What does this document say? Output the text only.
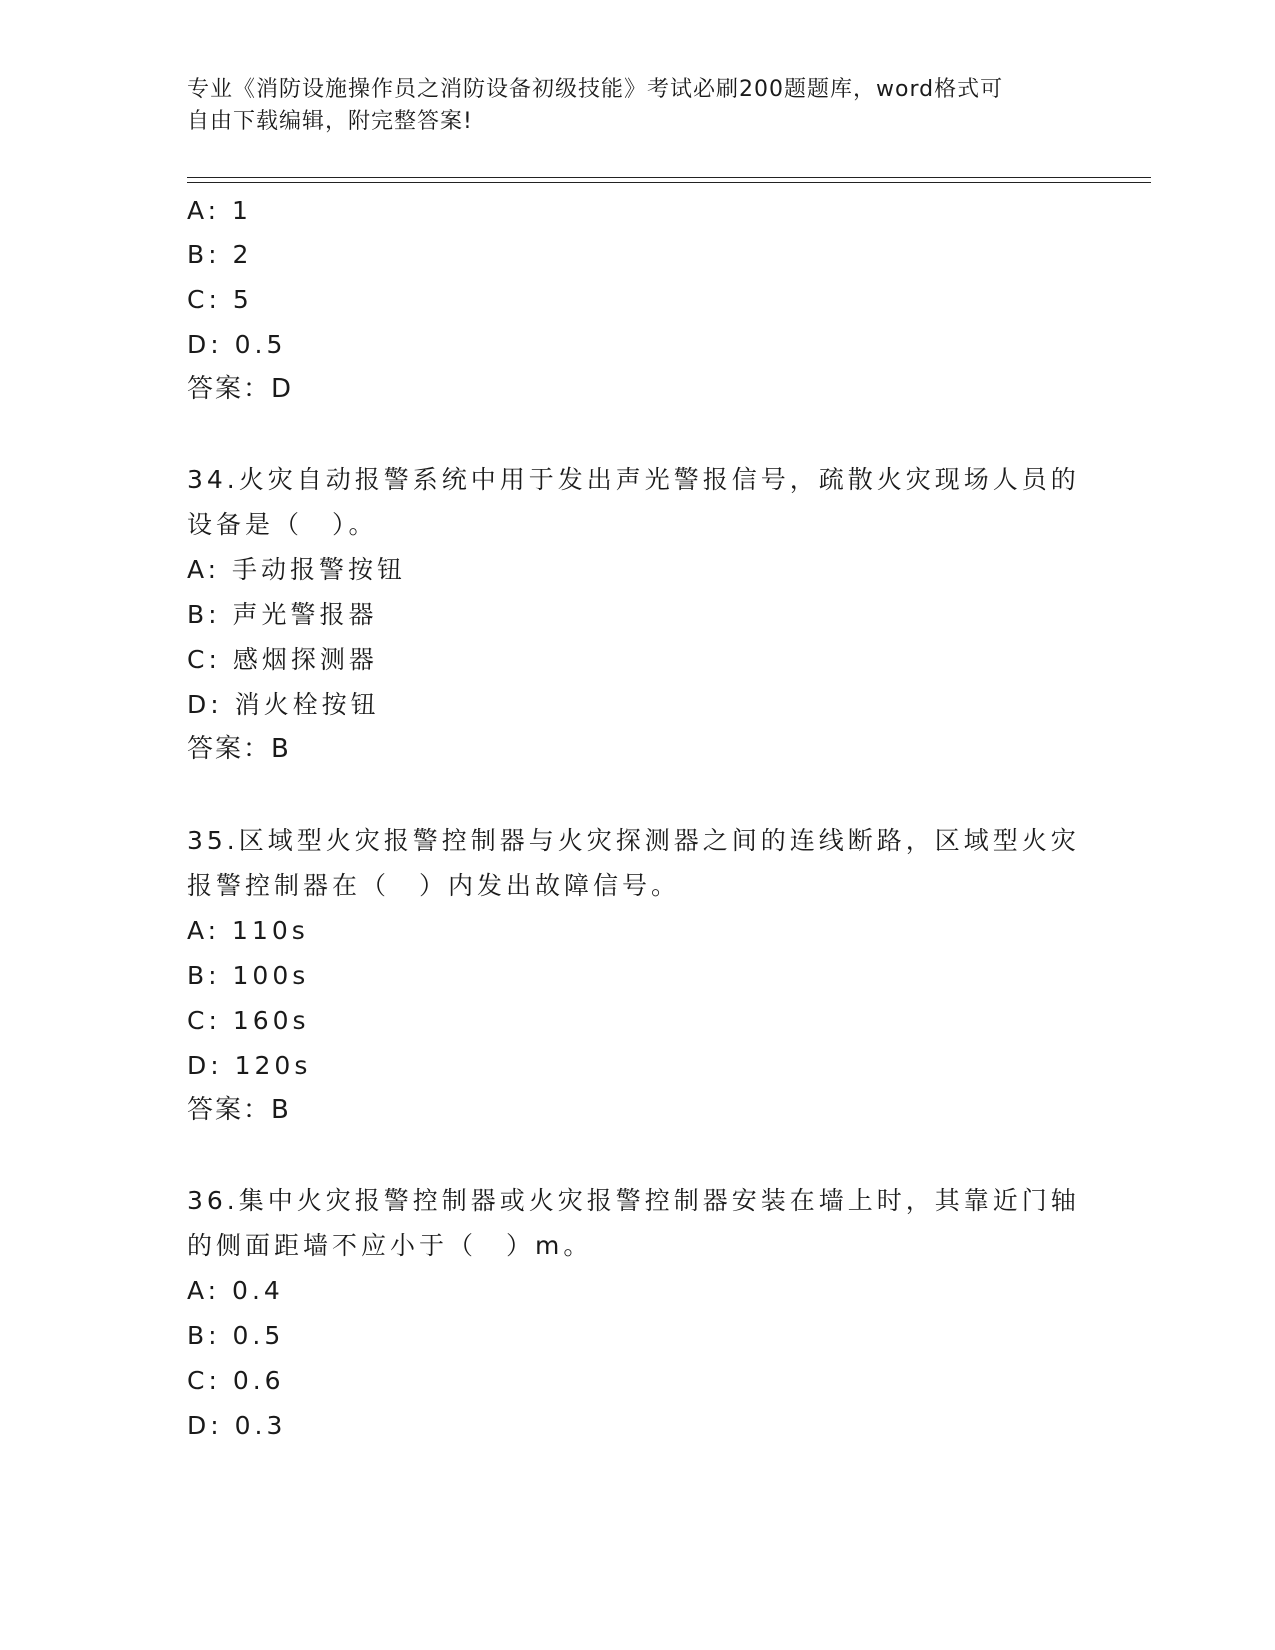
专业《消防设施操作员之消防设备初级技能》考试必刷200题题库，word格式可
自由下载编辑，附完整答案!
A: 1
B: 2
C: 5
D: 0.5
答案：D
34.火灾自动报警系统中用于发出声光警报信号，疏散火灾现场人员的
设备是（　）。
A: 手动报警按钮
B: 声光警报器
C: 感烟探测器
D: 消火栓按钮
答案：B
35.区域型火灾报警控制器与火灾探测器之间的连线断路，区域型火灾
报警控制器在（　）内发出故障信号。
A: 110s
B: 100s
C: 160s
D: 120s
答案：B
36.集中火灾报警控制器或火灾报警控制器安装在墙上时，其靠近门轴
的侧面距墙不应小于（　）m。
A: 0.4
B: 0.5
C: 0.6
D: 0.3
